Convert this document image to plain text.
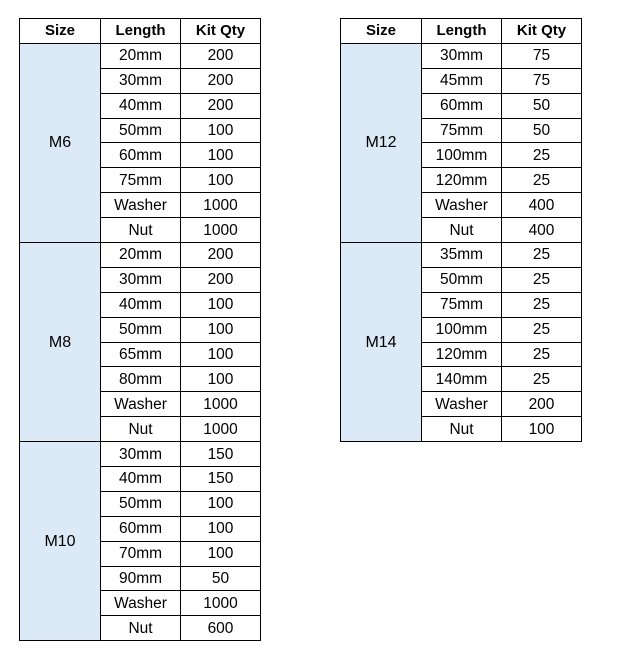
Size	Length	Kit Qty
M6	20mm	200
	30mm	200
	40mm	200
	50mm	100
	60mm	100
	75mm	100
	Washer	1000
	Nut	1000
M8	20mm	200
	30mm	200
	40mm	100
	50mm	100
	65mm	100
	80mm	100
	Washer	1000
	Nut	1000
M10	30mm	150
	40mm	150
	50mm	100
	60mm	100
	70mm	100
	90mm	50
	Washer	1000
	Nut	600
Size	Length	Kit Qty
M12	30mm	75
	45mm	75
	60mm	50
	75mm	50
	100mm	25
	120mm	25
	Washer	400
	Nut	400
M14	35mm	25
	50mm	25
	75mm	25
	100mm	25
	120mm	25
	140mm	25
	Washer	200
	Nut	100
